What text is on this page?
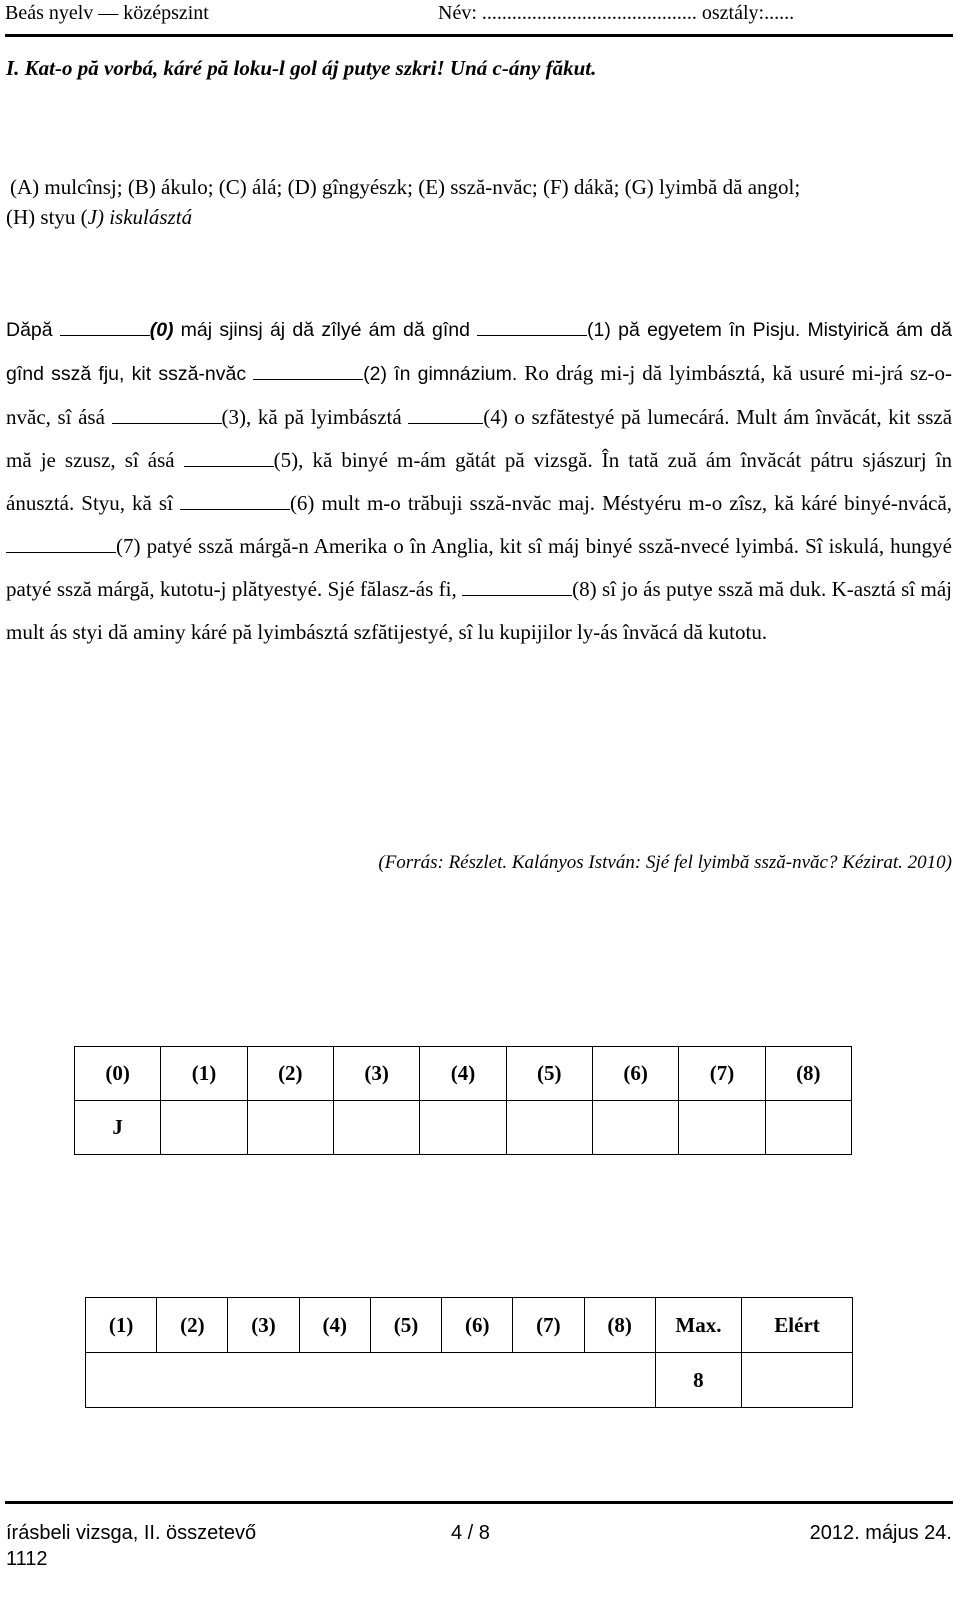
Beás nyelv — középszint	Név: ........................................... osztály:......
I. Kat-o pă vorbá, káré pă loku-l gol áj putye szkri! Uná c-ány făkut.
(A) mulcînsj; (B) ákulo; (C) álá; (D) gîngyészk; (E) ssză-nvăc; (F) dákă; (G) lyimbă dă angol;
(H) styu (J) iskulásztá
Dăpă	(0) máj sjinsj áj dă zîlyé ám dă gînd	(1) pă egyetem în Pisju. Mistyirică ám dă gînd ssză fju, kit ssză-nvăc	(2) în gimnázium. Ro drág mi-j dă lyimbásztá, kă usuré mi-jrá sz-o-nvăc, sî ásá	(3), kă pă lyimbásztá	(4) o szfătestyé pă lumecárá. Mult ám învăcát, kit ssză mă je szusz, sî ásá	(5), kă binyé m-ám gătát pă vizsgă. În tată zuă ám învăcát pátru sjászurj în ánusztá. Styu, kă sî	(6) mult m-o trăbuji ssză-nvăc maj. Méstyéru m-o zîsz, kă káré binyé-nvácă, (7) patyé ssză márgă-n Amerika o în Anglia, kit sî máj binyé ssză-nvecé lyimbá. Sî iskulá, hungyé patyé ssză márgă, kutotu-j plătyestyé. Sjé fălasz-ás fi,	(8) sî jo ás putye ssză mă duk. K-asztá sî máj mult ás styi dă aminy káré pă lyimbásztá szfătijestyé, sî lu kupijilor ly-ás învăcá dă kutotu.
(Forrás: Részlet. Kalányos István: Sjé fel lyimbă ssză-nvăc? Kézirat. 2010)
(0)	(1)	(2)	(3)	(4)	(5)	(6)	(7)	(8)
J								
(1)	(2)	(3)	(4)	(5)	(6)	(7)	(8)	Max.	Elért
								8	
írásbeli vizsga, II. összetevő
1112
4 / 8	2012. május 24.
